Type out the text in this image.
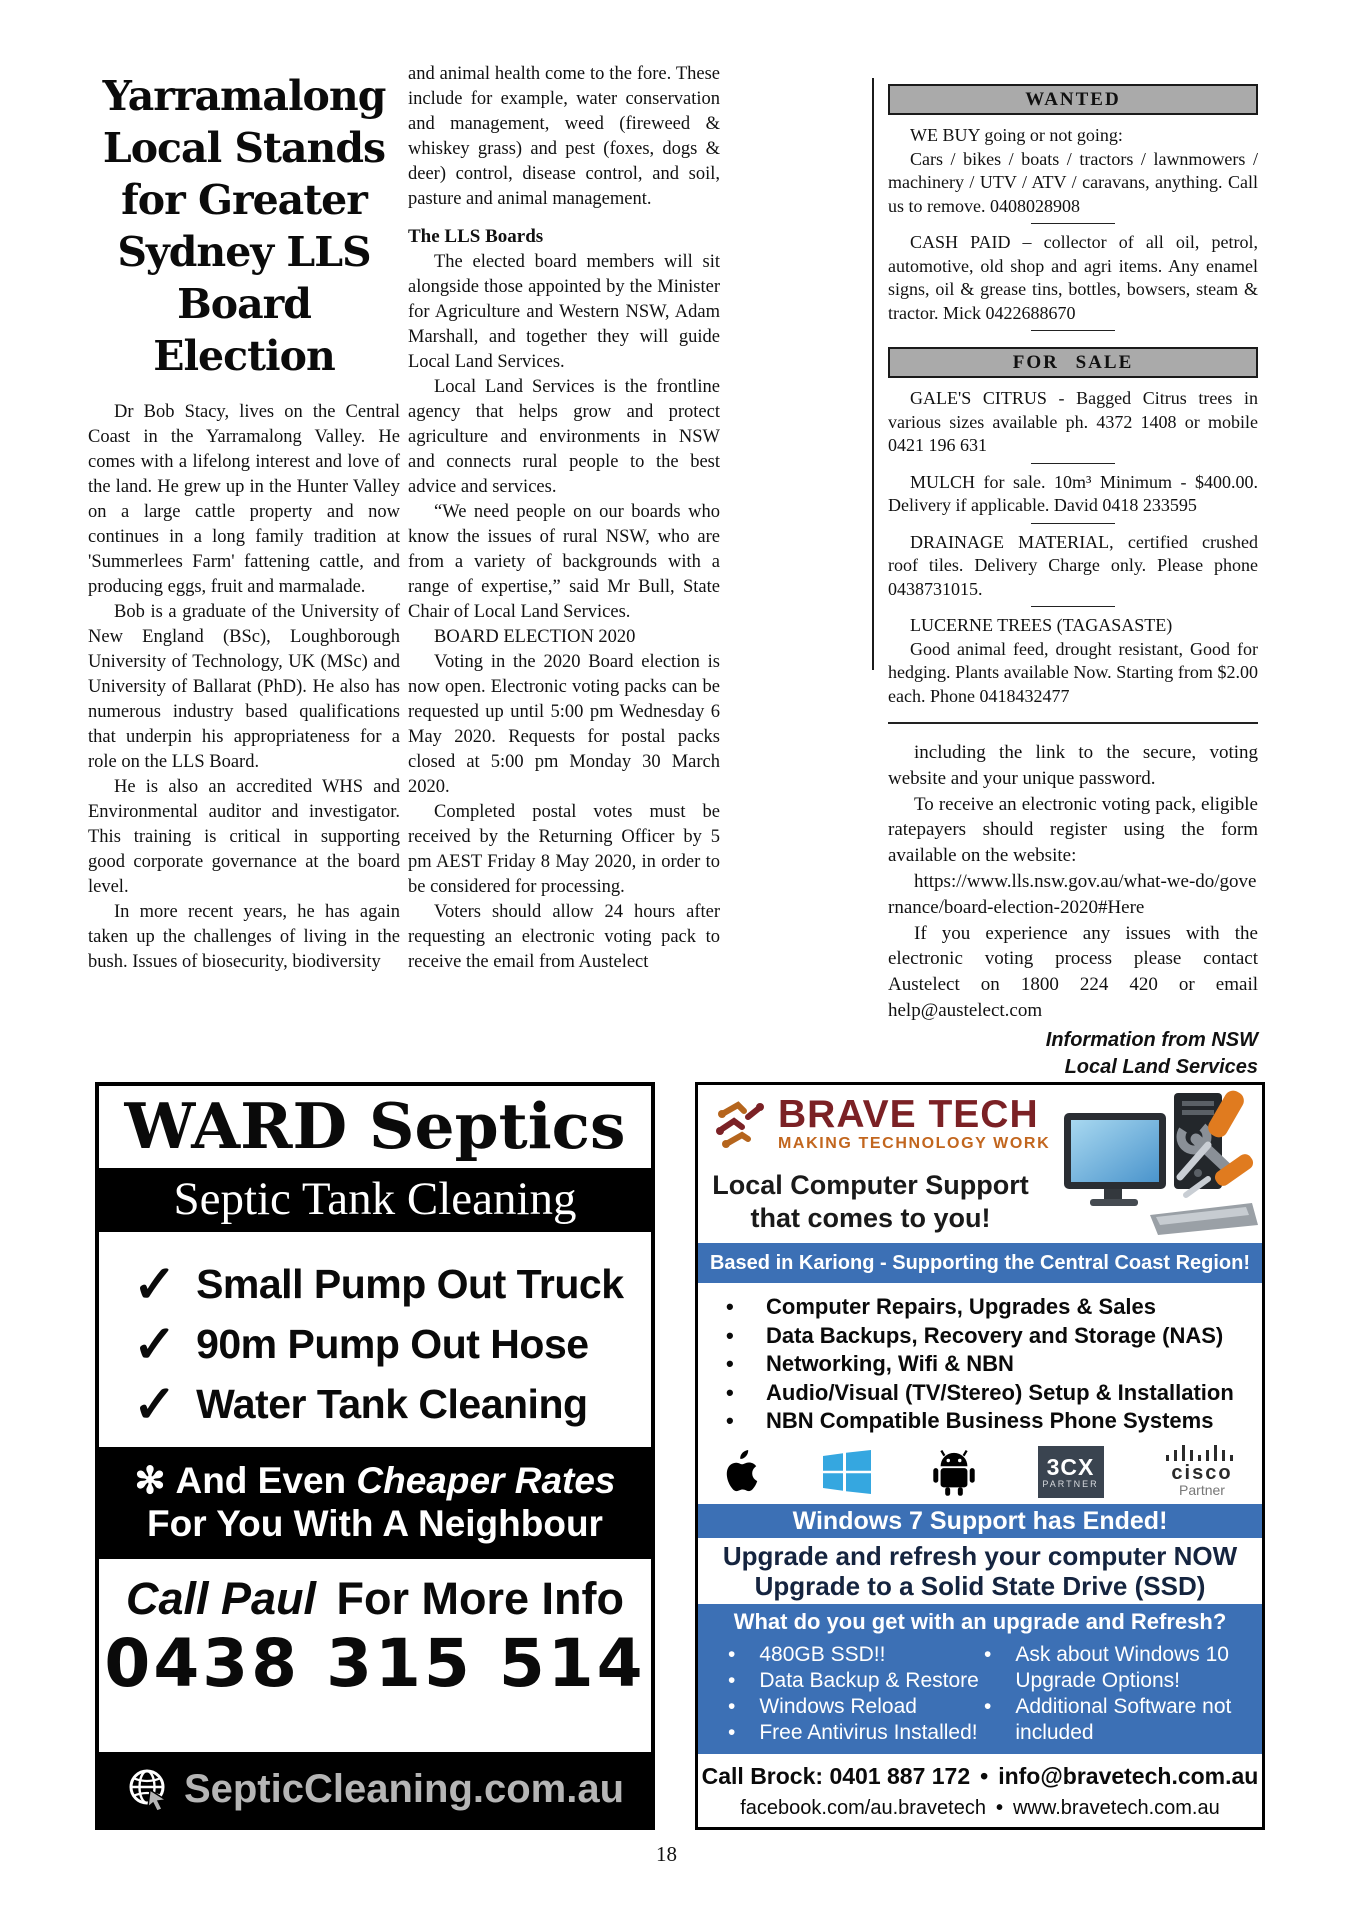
Yarramalong
Local Stands
for Greater
Sydney LLS
Board Election

Dr Bob Stacy, lives on the Central Coast in the Yarramalong Valley. He comes with a lifelong interest and love of the land. He grew up in the Hunter Valley on a large cattle property and now continues in a long family tradition at 'Summerlees Farm' fattening cattle, and producing eggs, fruit and marmalade.

Bob is a graduate of the University of New England (BSc), Loughborough University of Technology, UK (MSc) and University of Ballarat (PhD). He also has numerous industry based qualifications that underpin his appropriateness for a role on the LLS Board.

He is also an accredited WHS and Environmental auditor and investigator. This training is critical in supporting good corporate governance at the board level.

In more recent years, he has again taken up the challenges of living in the bush. Issues of biosecurity, biodiversity

and animal health come to the fore. These include for example, water conservation and management, weed (fireweed & whiskey grass) and pest (foxes, dogs & deer) control, disease control, and soil, pasture and animal management.

The LLS Boards

The elected board members will sit alongside those appointed by the Minister for Agriculture and Western NSW, Adam Marshall, and together they will guide Local Land Services.

Local Land Services is the frontline agency that helps grow and protect agriculture and environments in NSW and connects rural people to the best advice and services.

“We need people on our boards who know the issues of rural NSW, who are from a variety of backgrounds with a range of expertise,” said Mr Bull, State Chair of Local Land Services.

BOARD ELECTION 2020

Voting in the 2020 Board election is now open. Electronic voting packs can be requested up until 5:00 pm Wednesday 6 May 2020. Requests for postal packs closed at 5:00 pm Monday 30 March 2020.

Completed postal votes must be received by the Returning Officer by 5 pm AEST Friday 8 May 2020, in order to be considered for processing.

Voters should allow 24 hours after requesting an electronic voting pack to receive the email from Austelect

WANTED

WE BUY going or not going:

Cars / bikes / boats / tractors / lawnmowers / machinery / UTV / ATV / caravans, anything. Call us to remove. 0408028908

CASH PAID – collector of all oil, petrol, automotive, old shop and agri items. Any enamel signs, oil & grease tins, bottles, bowsers, steam & tractor. Mick 0422688670

FOR SALE

GALE'S CITRUS - Bagged Citrus trees in various sizes available ph. 4372 1408 or mobile 0421 196 631

MULCH for sale. 10m³ Minimum - $400.00. Delivery if applicable. David 0418 233595

DRAINAGE MATERIAL, certified crushed roof tiles. Delivery Charge only. Please phone 0438731015.

LUCERNE TREES (TAGASASTE)

Good animal feed, drought resistant, Good for hedging. Plants available Now. Starting from $2.00 each. Phone 0418432477

including the link to the secure, voting website and your unique password.

To receive an electronic voting pack, eligible ratepayers should register using the form available on the website:

https://www.lls.nsw.gov.au/what-we-do/governance/board-election-2020#Here

If you experience any issues with the electronic voting process please contact Austelect on 1800 224 420 or email help@austelect.com

Information from NSW
Local Land Services
WARD Septics
Septic Tank Cleaning
✓ Small Pump Out Truck
✓ 90m Pump Out Hose
✓ Water Tank Cleaning
✻ And Even Cheaper Rates
For You With A Neighbour
Call Paul For More Info
0438 315 514
SepticCleaning.com.au
BRAVE TECH
MAKING TECHNOLOGY WORK
Local Computer Support
that comes to you!
Based in Kariong - Supporting the Central Coast Region!
• Computer Repairs, Upgrades & Sales
• Data Backups, Recovery and Storage (NAS)
• Networking, Wifi & NBN
• Audio/Visual (TV/Stereo) Setup & Installation
• NBN Compatible Business Phone Systems
3CX
PARTNER	cisco
Partner
Windows 7 Support has Ended!
Upgrade and refresh your computer NOW
Upgrade to a Solid State Drive (SSD)
What do you get with an upgrade and Refresh?
• 480GB SSD!!
• Data Backup & Restore
• Windows Reload
• Free Antivirus Installed!
• Ask about Windows 10 Upgrade Options!
• Additional Software not included
Call Brock: 0401 887 172 • info@bravetech.com.au
facebook.com/au.bravetech • www.bravetech.com.au
18
